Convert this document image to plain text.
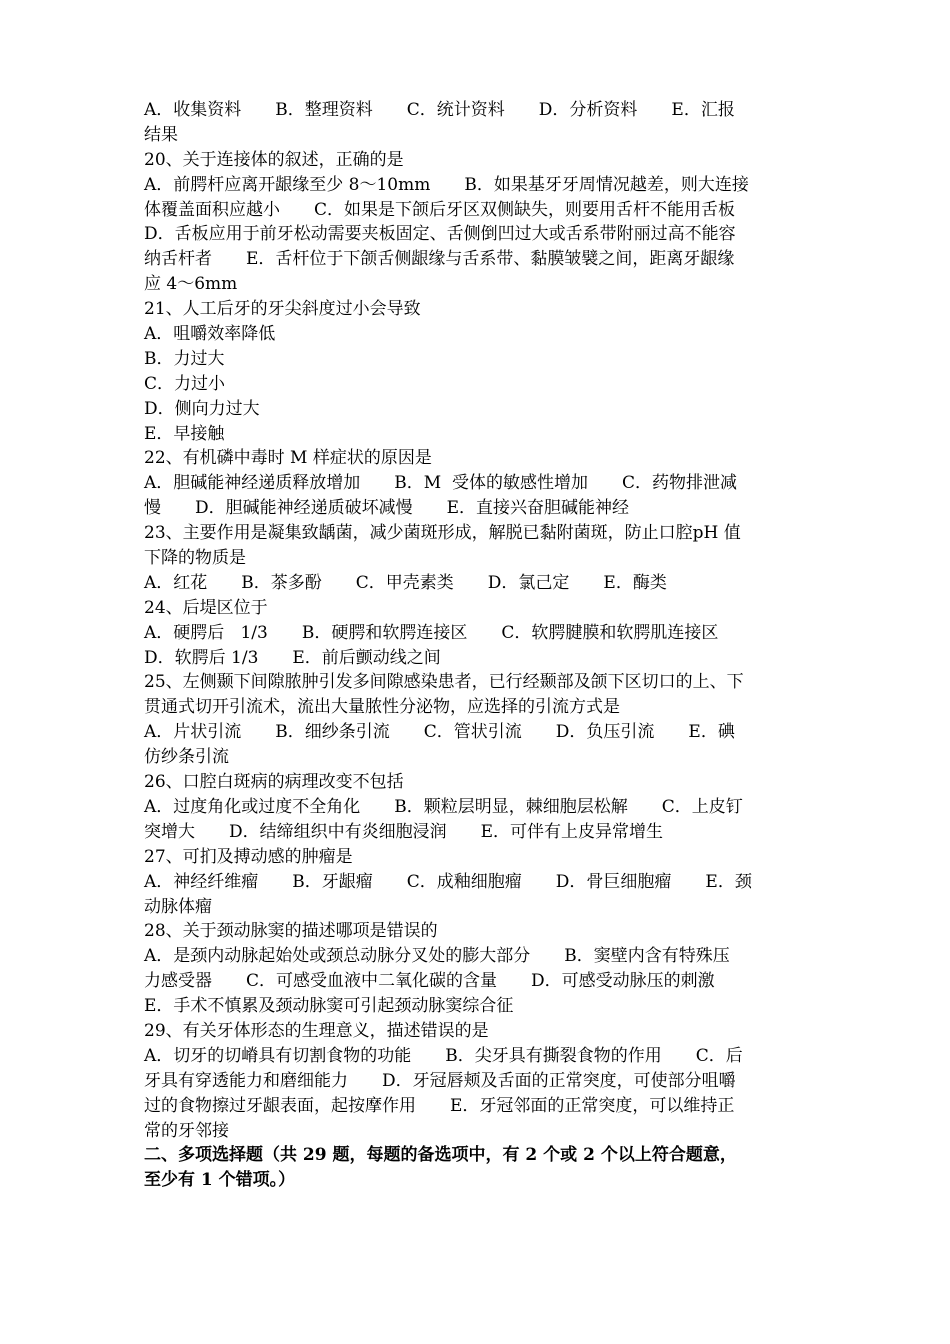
A．收集资料　　B．整理资料　　C．统计资料　　D．分析资料　　E．汇报
结果
20、关于连接体的叙述，正确的是
A．前腭杆应离开龈缘至少 8～10mm　　B．如果基牙牙周情况越差，则大连接
体覆盖面积应越小　　C．如果是下颌后牙区双侧缺失，则要用舌杆不能用舌板
D．舌板应用于前牙松动需要夹板固定、舌侧倒凹过大或舌系带附丽过高不能容
纳舌杆者　　E．舌杆位于下颌舌侧龈缘与舌系带、黏膜皱襞之间，距离牙龈缘
应 4～6mm
21、人工后牙的牙尖斜度过小会导致
A．咀嚼效率降低
B．力过大
C．力过小
D．侧向力过大
E．早接触
22、有机磷中毒时 M 样症状的原因是
A．胆碱能神经递质释放增加　　B．M  受体的敏感性增加　　C．药物排泄减
慢　　D．胆碱能神经递质破坏减慢　　E．直接兴奋胆碱能神经
23、主要作用是凝集致龋菌，减少菌斑形成，解脱已黏附菌斑，防止口腔pH 值
下降的物质是
A．红花　　B．茶多酚　　C．甲壳素类　　D．氯己定　　E．酶类
24、后堤区位于
A．硬腭后   1/3　　B．硬腭和软腭连接区　　C．软腭腱膜和软腭肌连接区
D．软腭后 1/3　　E．前后颤动线之间
25、左侧颞下间隙脓肿引发多间隙感染患者，已行经颞部及颌下区切口的上、下
贯通式切开引流术，流出大量脓性分泌物，应选择的引流方式是
A．片状引流　　B．细纱条引流　　C．管状引流　　D．负压引流　　E．碘
仿纱条引流
26、口腔白斑病的病理改变不包括
A．过度角化或过度不全角化　　B．颗粒层明显，棘细胞层松解　　C．上皮钉
突增大　　D．结缔组织中有炎细胞浸润　　E．可伴有上皮异常增生
27、可扪及搏动感的肿瘤是
A．神经纤维瘤　　B．牙龈瘤　　C．成釉细胞瘤　　D．骨巨细胞瘤　　E．颈
动脉体瘤
28、关于颈动脉窦的描述哪项是错误的
A．是颈内动脉起始处或颈总动脉分叉处的膨大部分　　B．窦壁内含有特殊压
力感受器　　C．可感受血液中二氧化碳的含量　　D．可感受动脉压的刺激
E．手术不慎累及颈动脉窦可引起颈动脉窦综合征
29、有关牙体形态的生理意义，描述错误的是
A．切牙的切嵴具有切割食物的功能　　B．尖牙具有撕裂食物的作用　　C．后
牙具有穿透能力和磨细能力　　D．牙冠唇颊及舌面的正常突度，可使部分咀嚼
过的食物擦过牙龈表面，起按摩作用　　E．牙冠邻面的正常突度，可以维持正
常的牙邻接
二、多项选择题（共 29 题，每题的备选项中，有 2 个或 2 个以上符合题意，
至少有 1 个错项。）
